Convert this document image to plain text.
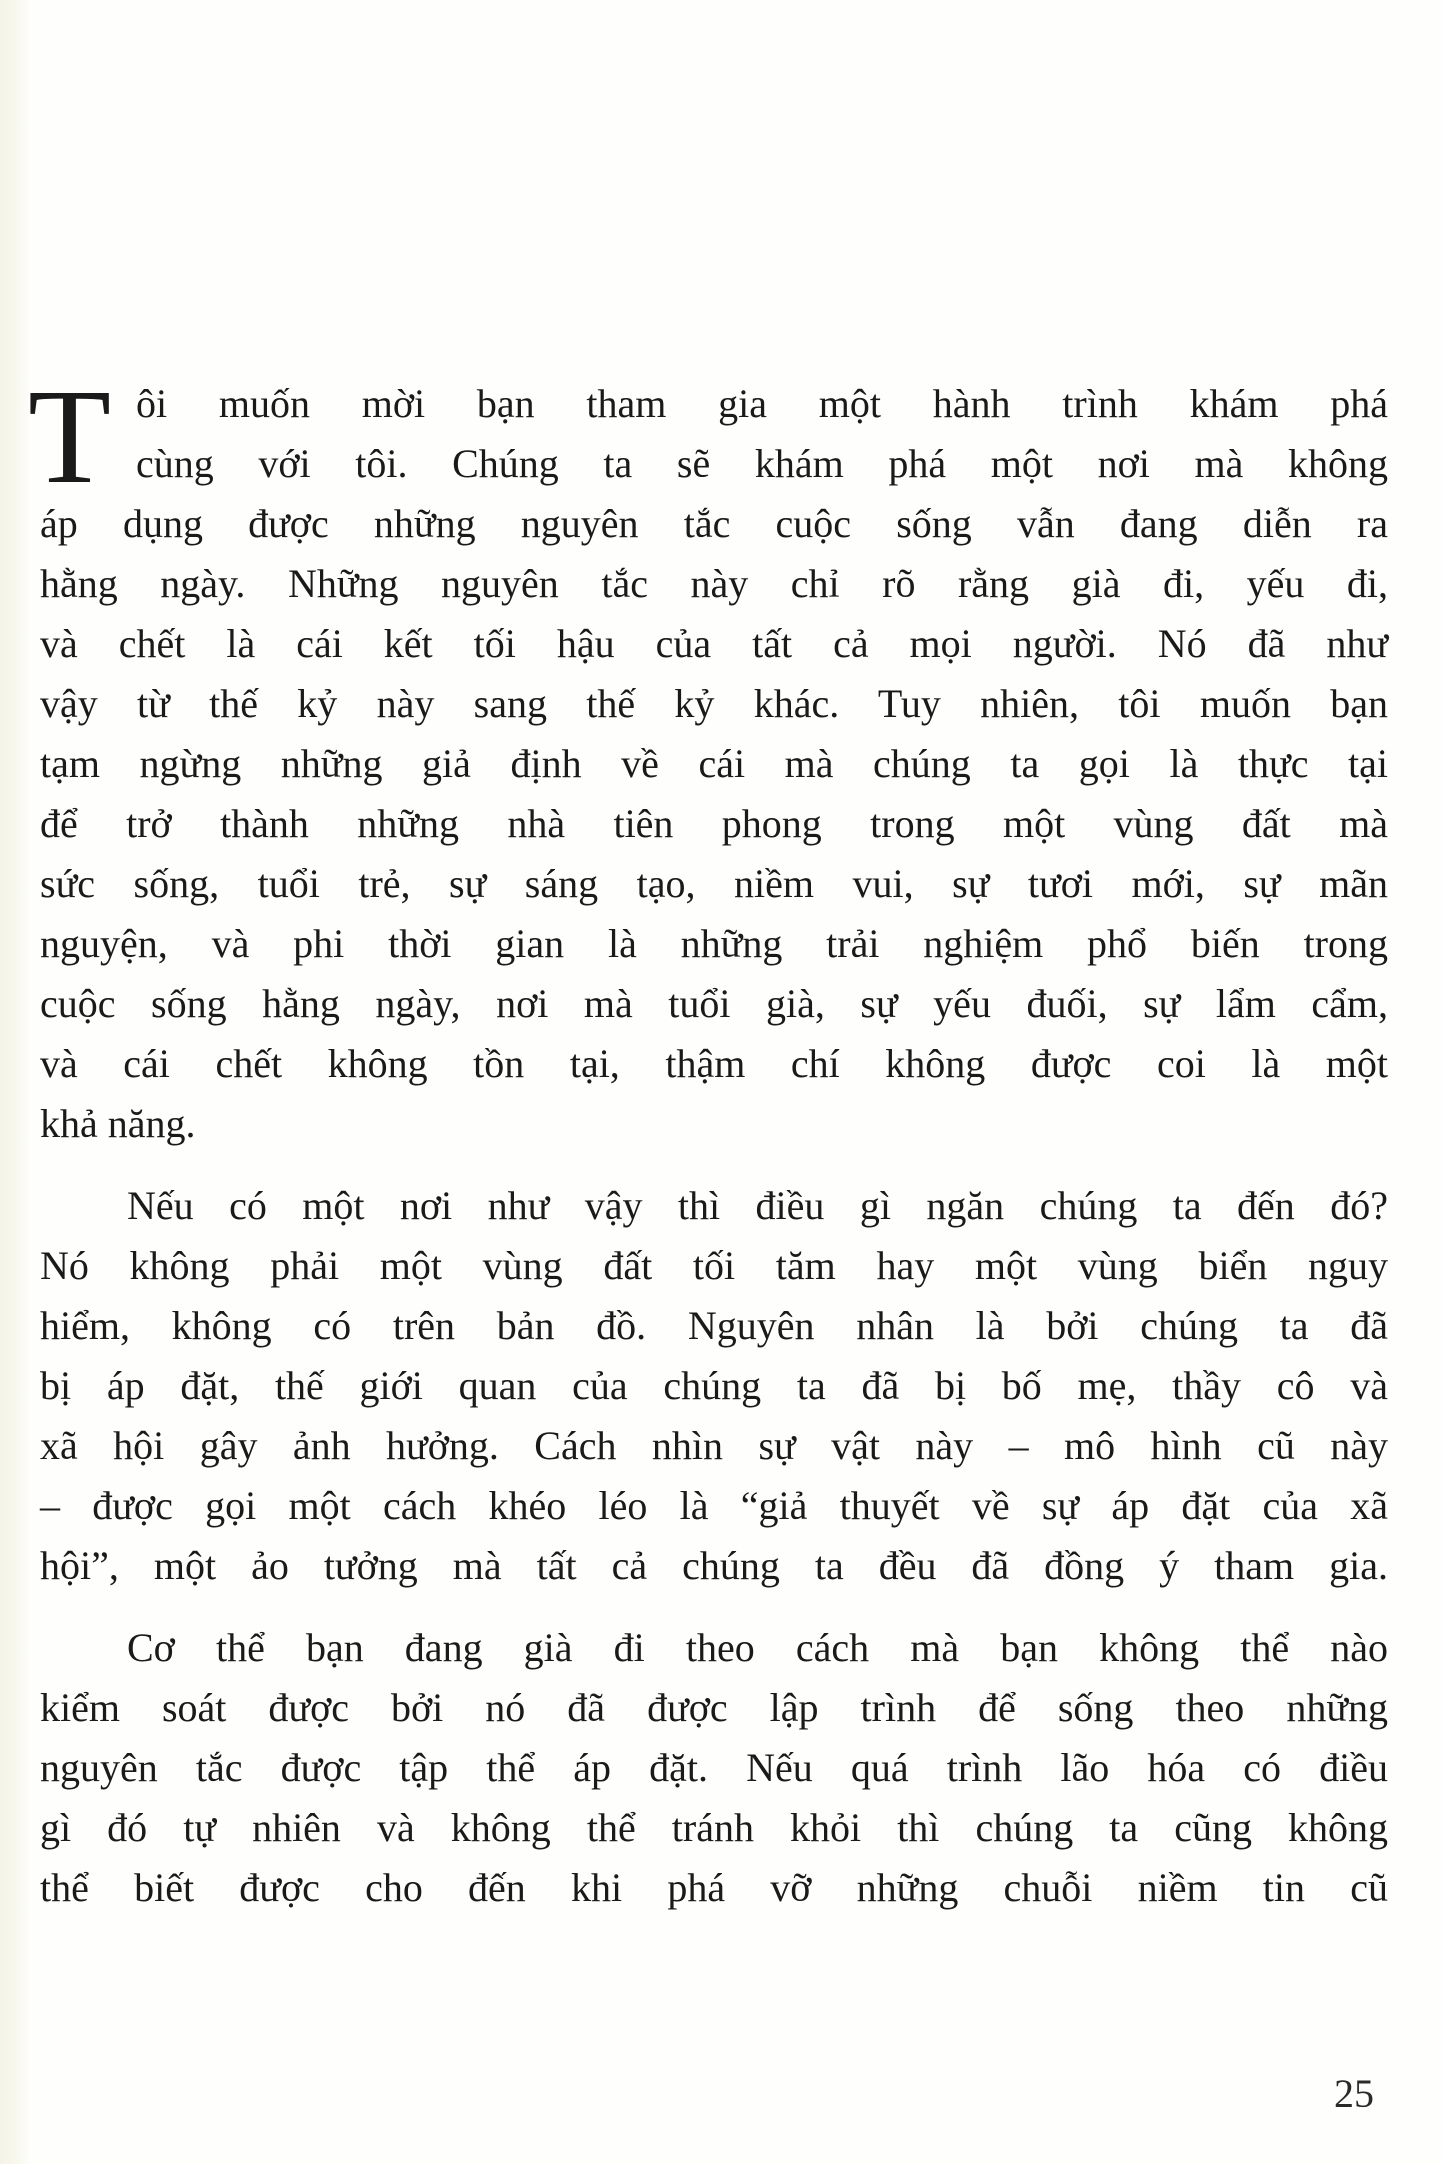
T ôi muốn mời bạn tham gia một hành trình khám phá
cùng với tôi. Chúng ta sẽ khám phá một nơi mà không
áp dụng được những nguyên tắc cuộc sống vẫn đang diễn ra
hằng ngày. Những nguyên tắc này chỉ rõ rằng già đi, yếu đi,
và chết là cái kết tối hậu của tất cả mọi người. Nó đã như
vậy từ thế kỷ này sang thế kỷ khác. Tuy nhiên, tôi muốn bạn
tạm ngừng những giả định về cái mà chúng ta gọi là thực tại
để trở thành những nhà tiên phong trong một vùng đất mà
sức sống, tuổi trẻ, sự sáng tạo, niềm vui, sự tươi mới, sự mãn
nguyện, và phi thời gian là những trải nghiệm phổ biến trong
cuộc sống hằng ngày, nơi mà tuổi già, sự yếu đuối, sự lẩm cẩm,
và cái chết không tồn tại, thậm chí không được coi là một
khả năng.
Nếu có một nơi như vậy thì điều gì ngăn chúng ta đến đó?
Nó không phải một vùng đất tối tăm hay một vùng biển nguy
hiểm, không có trên bản đồ. Nguyên nhân là bởi chúng ta đã
bị áp đặt, thế giới quan của chúng ta đã bị bố mẹ, thầy cô và
xã hội gây ảnh hưởng. Cách nhìn sự vật này – mô hình cũ này
– được gọi một cách khéo léo là “giả thuyết về sự áp đặt của xã
hội”, một ảo tưởng mà tất cả chúng ta đều đã đồng ý tham gia.
Cơ thể bạn đang già đi theo cách mà bạn không thể nào
kiểm soát được bởi nó đã được lập trình để sống theo những
nguyên tắc được tập thể áp đặt. Nếu quá trình lão hóa có điều
gì đó tự nhiên và không thể tránh khỏi thì chúng ta cũng không
thể biết được cho đến khi phá vỡ những chuỗi niềm tin cũ
25
